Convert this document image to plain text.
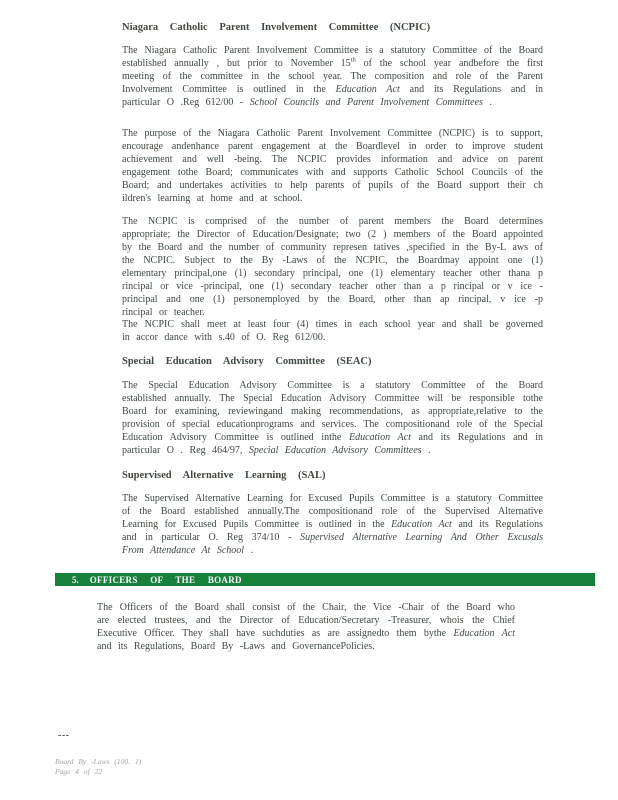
Niagara Catholic Parent Involvement Committee (NCPIC)

The Niagara Catholic Parent Involvement Committee is a statutory Committee of the Board established annually , but prior to November 15th of the school year andbefore the first meeting of the committee in the school year. The composition and role of the Parent Involvement Committee is outlined in the Education Act and its Regulations and in particular O .Reg 612/00 - School Councils and Parent Involvement Committees .

The purpose of the Niagara Catholic Parent Involvement Committee (NCPIC) is to support, encourage andenhance parent engagement at the Boardlevel in order to improve student achievement and well -being. The NCPIC provides information and advice on parent engagement tothe Board; communicates with and supports Catholic School Councils of the Board; and undertakes activities to help parents of pupils of the Board support their ch ildren's learning at home and at school.

The NCPIC is comprised of the number of parent members the Board determines appropriate; the Director of Education/Designate; two (2 ) members of the Board appointed by the Board and the number of community represen tatives ,specified in the By-L aws of the NCPIC. Subject to the By -Laws of the NCPIC, the Boardmay appoint one (1) elementary principal,one (1) secondary principal, one (1) elementary teacher other thana p rincipal or vice -principal, one (1) secondary teacher other than a p rincipal or v ice -principal and one (1) personemployed by the Board, other than ap rincipal, v ice -p rincipal or teacher.

The NCPIC shall meet at least four (4) times in each school year and shall be governed in accor dance with s.40 of O. Reg 612/00.

Special Education Advisory Committee (SEAC)

The Special Education Advisory Committee is a statutory Committee of the Board established annually. The Special Education Advisory Committee will be responsible tothe Board for examining, reviewingand making recommendations, as appropriate,relative to the provision of special educationprograms and services. The compositionand role of the Special Education Advisory Committee is outlined inthe Education Act and its Regulations and in particular O . Reg 464/97, Special Education Advisory Committees .

Supervised Alternative Learning (SAL)

The Supervised Alternative Learning for Excused Pupils Committee is a statutory Committee of the Board established annually.The compositionand role of the Supervised Alternative Learning for Excused Pupils Committee is outlined in the Education Act and its Regulations and in particular O. Reg 374/10 - Supervised Alternative Learning And Other Excusals From Attendance At School .

5. OFFICERS OF THE BOARD

The Officers of the Board shall consist of the Chair, the Vice -Chair of the Board who are elected trustees, and the Director of Education/Secretary -Treasurer, whois the Chief Executive Officer. They shall have suchduties as are assignedto them bythe Education Act and its Regulations, Board By -Laws and GovernancePolicies.

---
Board By -Laws (100. 1)
Page 4 of 22
